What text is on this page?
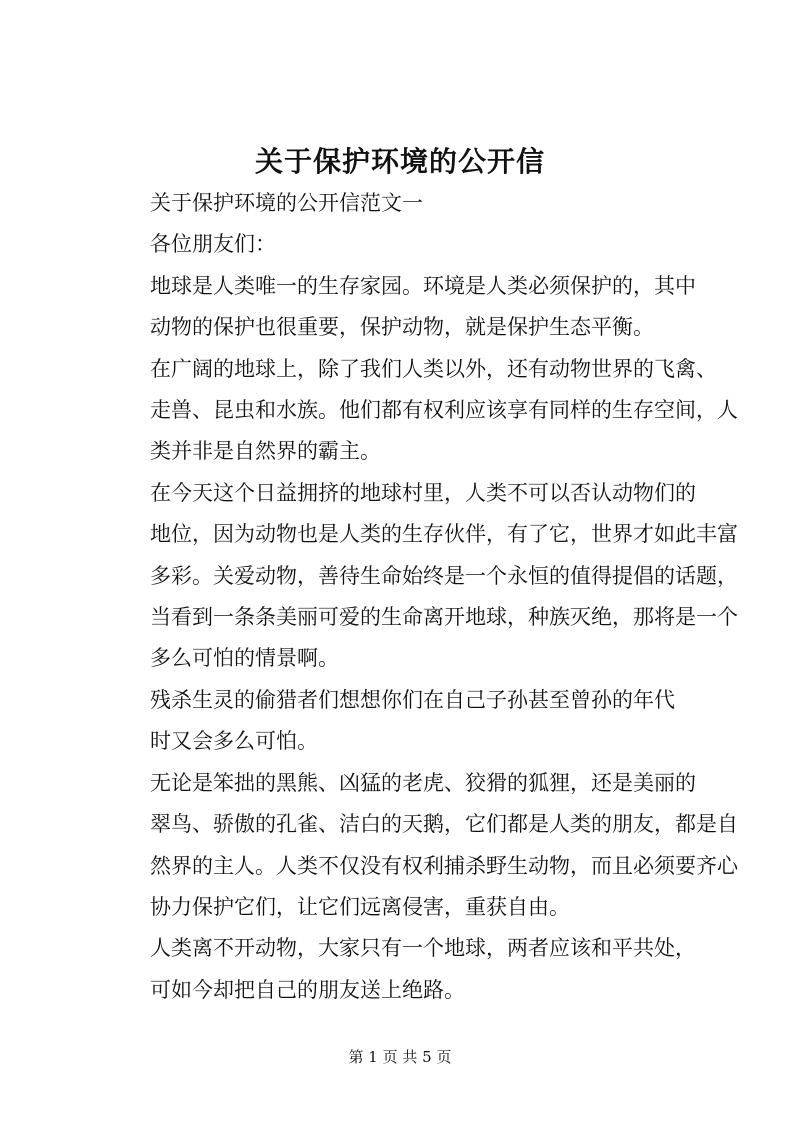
关于保护环境的公开信

关于保护环境的公开信范文一

各位朋友们：

地球是人类唯一的生存家园。环境是人类必须保护的，其中
动物的保护也很重要，保护动物，就是保护生态平衡。

在广阔的地球上，除了我们人类以外，还有动物世界的飞禽、
走兽、昆虫和水族。他们都有权利应该享有同样的生存空间，人
类并非是自然界的霸主。

在今天这个日益拥挤的地球村里，人类不可以否认动物们的
地位，因为动物也是人类的生存伙伴，有了它，世界才如此丰富
多彩。关爱动物，善待生命始终是一个永恒的值得提倡的话题，
当看到一条条美丽可爱的生命离开地球，种族灭绝，那将是一个
多么可怕的情景啊。

残杀生灵的偷猎者们想想你们在自己子孙甚至曾孙的年代
时又会多么可怕。

无论是笨拙的黑熊、凶猛的老虎、狡猾的狐狸，还是美丽的
翠鸟、骄傲的孔雀、洁白的天鹅，它们都是人类的朋友，都是自
然界的主人。人类不仅没有权利捕杀野生动物，而且必须要齐心
协力保护它们，让它们远离侵害，重获自由。

人类离不开动物，大家只有一个地球，两者应该和平共处，
可如今却把自己的朋友送上绝路。

第 1 页 共 5 页
